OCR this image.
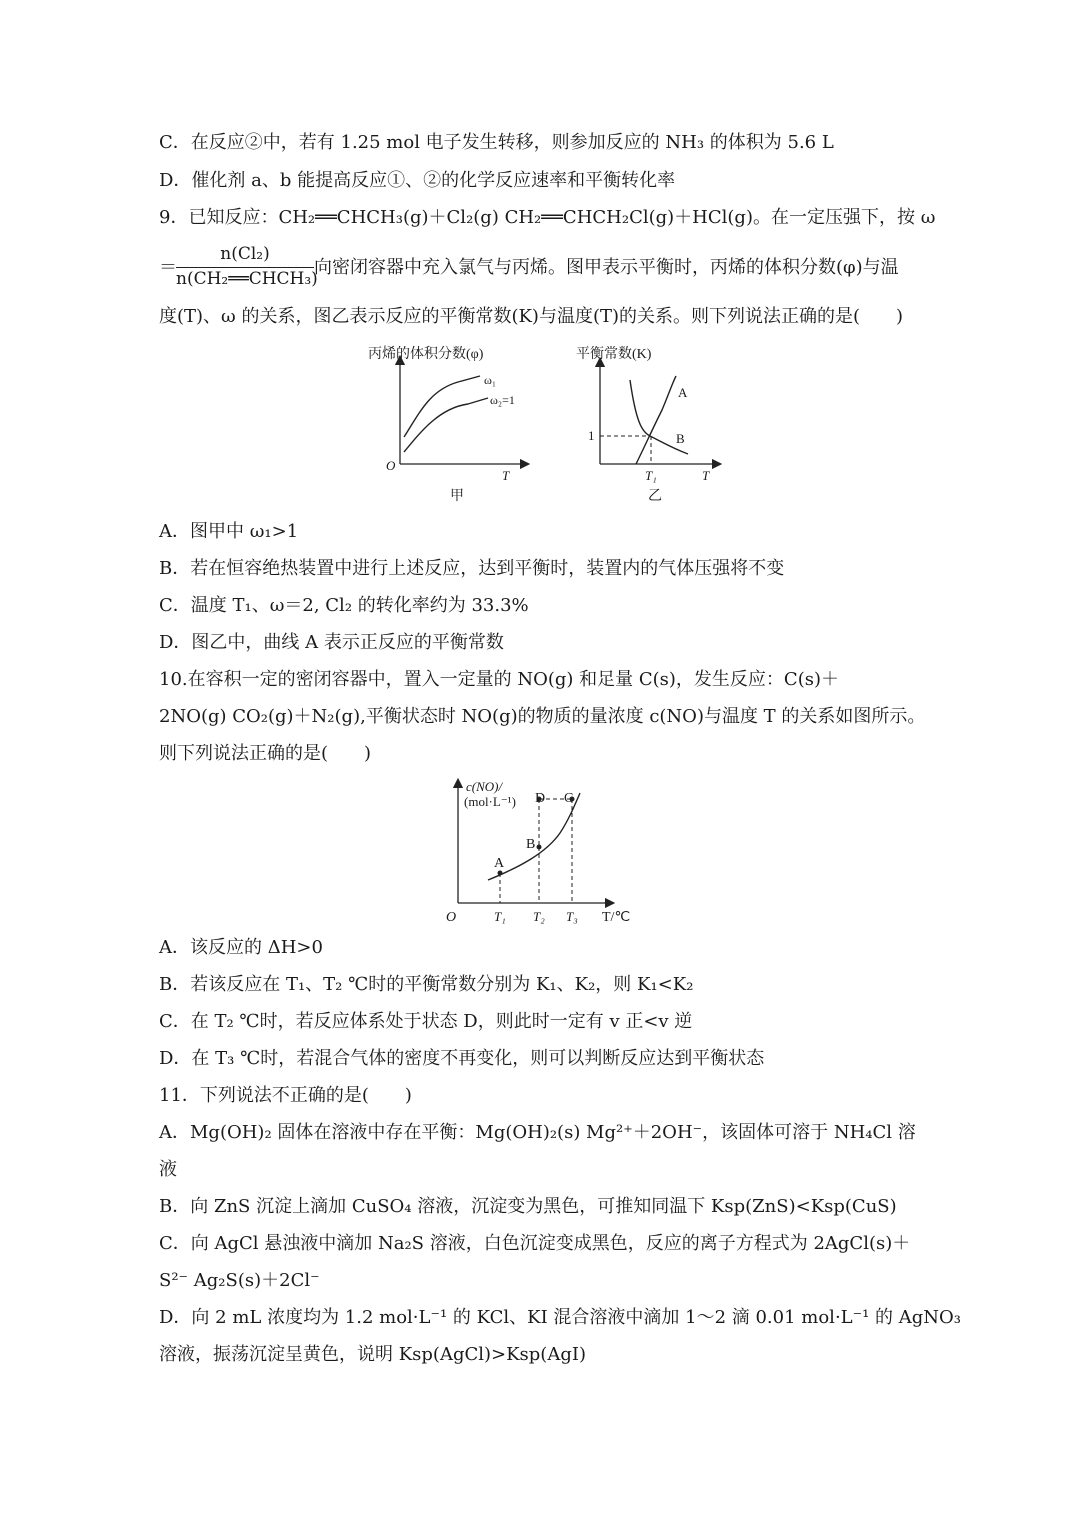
C．在反应②中，若有 1.25 mol 电子发生转移，则参加反应的 NH₃ 的体积为 5.6 L
D．催化剂 a、b 能提高反应①、②的化学反应速率和平衡转化率
9．已知反应：CH₂══CHCH₃(g)＋Cl₂(g) CH₂══CHCH₂Cl(g)＋HCl(g)。在一定压强下，按 ω
＝
n(Cl₂)
n(CH₂══CHCH₃)
向密闭容器中充入氯气与丙烯。图甲表示平衡时，丙烯的体积分数(φ)与温
度(T)、ω 的关系，图乙表示反应的平衡常数(K)与温度(T)的关系。则下列说法正确的是(　　)
丙烯的体积分数(φ)
ω₁
ω₂=1
O
T
甲
平衡常数(K)
A
B
1
T₁	T
乙
A．图甲中 ω₁>1
B．若在恒容绝热装置中进行上述反应，达到平衡时，装置内的气体压强将不变
C．温度 T₁、ω＝2, Cl₂ 的转化率约为 33.3%
D．图乙中，曲线 A 表示正反应的平衡常数
10.在容积一定的密闭容器中，置入一定量的 NO(g) 和足量 C(s)，发生反应：C(s)＋
2NO(g) CO₂(g)＋N₂(g),平衡状态时 NO(g)的物质的量浓度 c(NO)与温度 T 的关系如图所示。
则下列说法正确的是(　　)
c(NO)/
(mol·L⁻¹) D C
B
A
O	T₁ T₂ T₃ T/℃
A．该反应的 ΔH>0
B．若该反应在 T₁、T₂ ℃时的平衡常数分别为 K₁、K₂，则 K₁<K₂
C．在 T₂ ℃时，若反应体系处于状态 D，则此时一定有 v 正<v 逆
D．在 T₃ ℃时，若混合气体的密度不再变化，则可以判断反应达到平衡状态
11．下列说法不正确的是(　　)
A．Mg(OH)₂ 固体在溶液中存在平衡：Mg(OH)₂(s) Mg²⁺＋2OH⁻，该固体可溶于 NH₄Cl 溶
液
B．向 ZnS 沉淀上滴加 CuSO₄ 溶液，沉淀变为黑色，可推知同温下 Ksp(ZnS)<Ksp(CuS)
C．向 AgCl 悬浊液中滴加 Na₂S 溶液，白色沉淀变成黑色，反应的离子方程式为 2AgCl(s)＋
S²⁻ Ag₂S(s)＋2Cl⁻
D．向 2 mL 浓度均为 1.2 mol·L⁻¹ 的 KCl、KI 混合溶液中滴加 1～2 滴 0.01 mol·L⁻¹ 的 AgNO₃
溶液，振荡沉淀呈黄色，说明 Ksp(AgCl)>Ksp(AgI)
